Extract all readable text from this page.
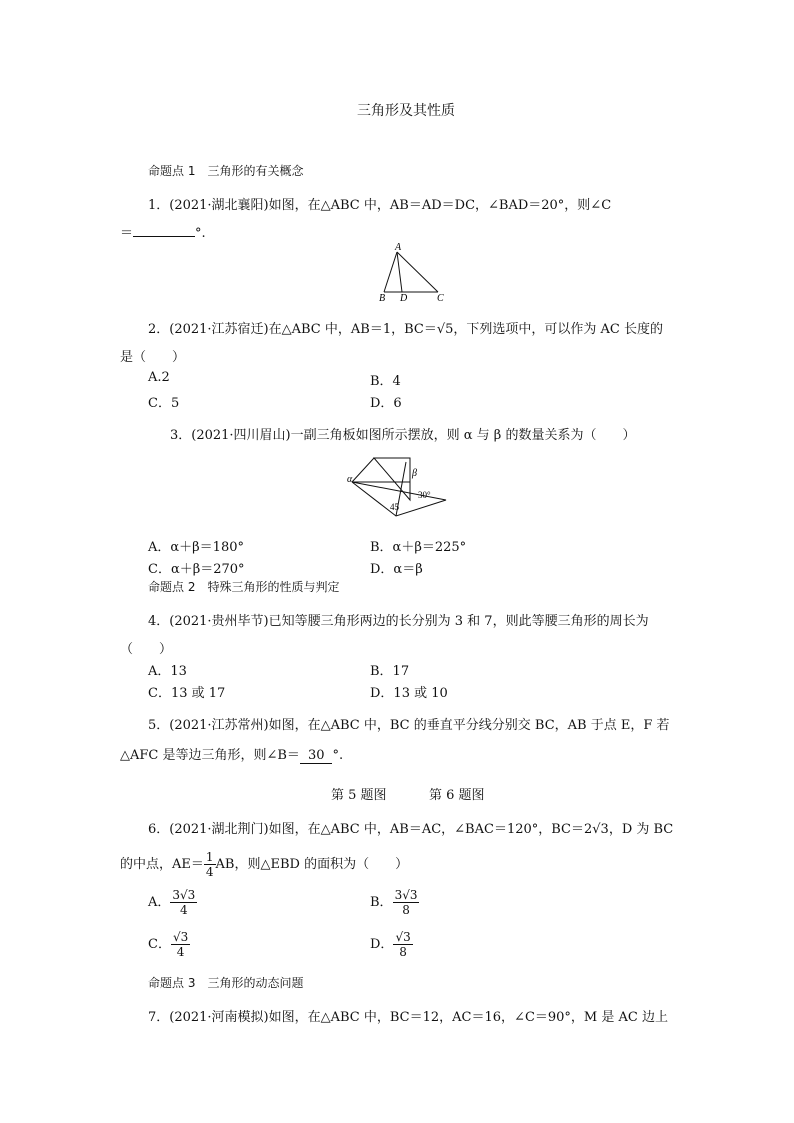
三角形及其性质
命题点 1　三角形的有关概念
1．(2021·湖北襄阳)如图，在△ABC 中，AB＝AD＝DC，∠BAD＝20°，则∠C
＝	°.
A
B D	C
2．(2021·江苏宿迁)在△ABC 中，AB＝1，BC＝√5，下列选项中，可以作为 AC 长度的
是（　　）
A.2	B．4
C．5	D．6
3．(2021·四川眉山)一副三角板如图所示摆放，则 α 与 β 的数量关系为（　　）
α
β
30°
45
A．α＋β＝180°	B．α＋β＝225°
C．α＋β＝270°	D．α＝β
命题点 2　特殊三角形的性质与判定
4．(2021·贵州毕节)已知等腰三角形两边的长分别为 3 和 7，则此等腰三角形的周长为
（　　）
A．13	B．17
C．13 或 17	D．13 或 10
5．(2021·江苏常州)如图，在△ABC 中，BC 的垂直平分线分别交 BC，AB 于点 E，F 若
△AFC 是等边三角形，则∠B＝ 30 °.
第 5 题图	第 6 题图
6．(2021·湖北荆门)如图，在△ABC 中，AB＝AC，∠BAC＝120°，BC＝2√3，D 为 BC
的中点，$AE= \frac{1}{4}$ AB，则△EBD 的面积为（　　）
A． $\frac{3√3}{4}$	B． $\frac{3√3}{8}$
C． $\frac{√3}{4}$	D． $\frac{√3}{8}$
命题点 3　三角形的动态问题
7．(2021·河南模拟)如图，在△ABC 中，BC＝12，AC＝16，∠C＝90°，M 是 AC 边上
